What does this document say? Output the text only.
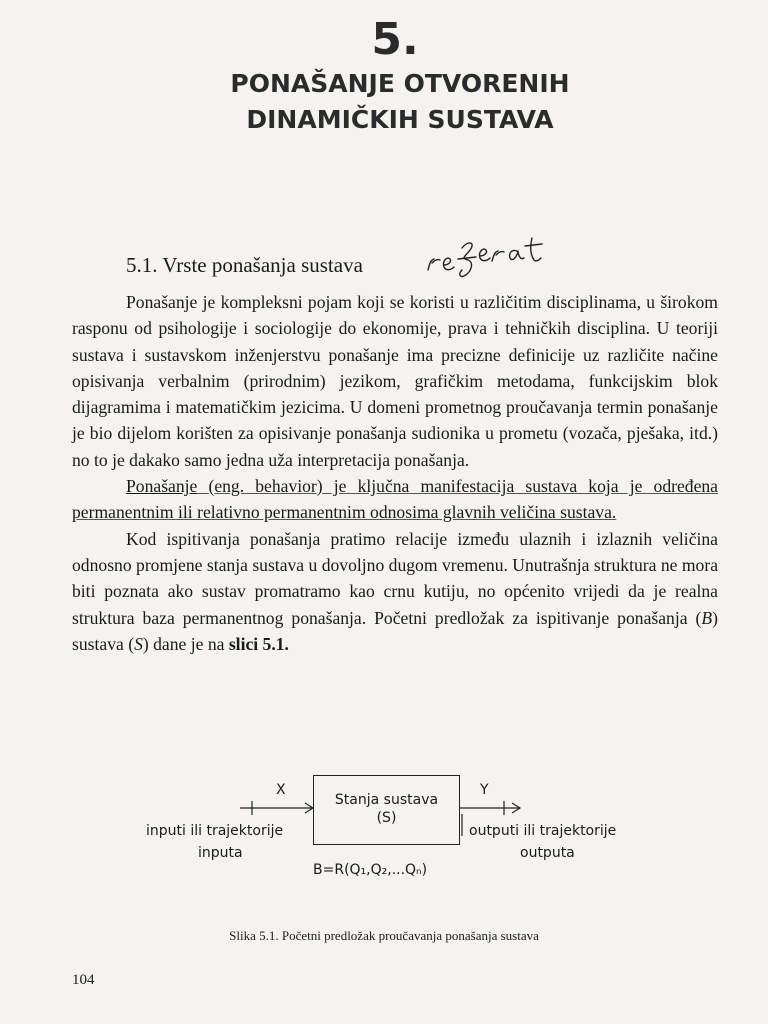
5.
PONAŠANJE OTVORENIH
DINAMIČKIH SUSTAVA
5.1. Vrste ponašanja sustava

Ponašanje je kompleksni pojam koji se koristi u različitim disciplinama, u širokom rasponu od psihologije i sociologije do ekonomije, prava i tehničkih disciplina. U teoriji sustava i sustavskom inženjerstvu ponašanje ima precizne definicije uz različite načine opisivanja verbalnim (prirodnim) jezikom, grafičkim metodama, funkcijskim blok dijagramima i matematičkim jezicima. U domeni prometnog proučavanja termin ponašanje je bio dijelom korišten za opisivanje ponašanja sudionika u prometu (vozača, pješaka, itd.) no to je dakako samo jedna uža interpretacija ponašanja.

Ponašanje (eng. behavior) je ključna manifestacija sustava koja je određena permanentnim ili relativno permanentnim odnosima glavnih veličina sustava.

Kod ispitivanja ponašanja pratimo relacije između ulaznih i izlaznih veličina odnosno promjene stanja sustava u dovoljno dugom vremenu. Unutrašnja struktura ne mora biti poznata ako sustav promatramo kao crnu kutiju, no općenito vrijedi da je realna struktura baza permanentnog ponašanja. Početni predložak za ispitivanje ponašanja (B) sustava (S) dane je na slici 5.1.

Stanja sustava
(S)
X	Y
inputi ili trajektorije
inputa
outputi ili trajektorije
outputa
B=R(Q₁,Q₂,...Qₙ)
Slika 5.1. Početni predložak proučavanja ponašanja sustava
104
